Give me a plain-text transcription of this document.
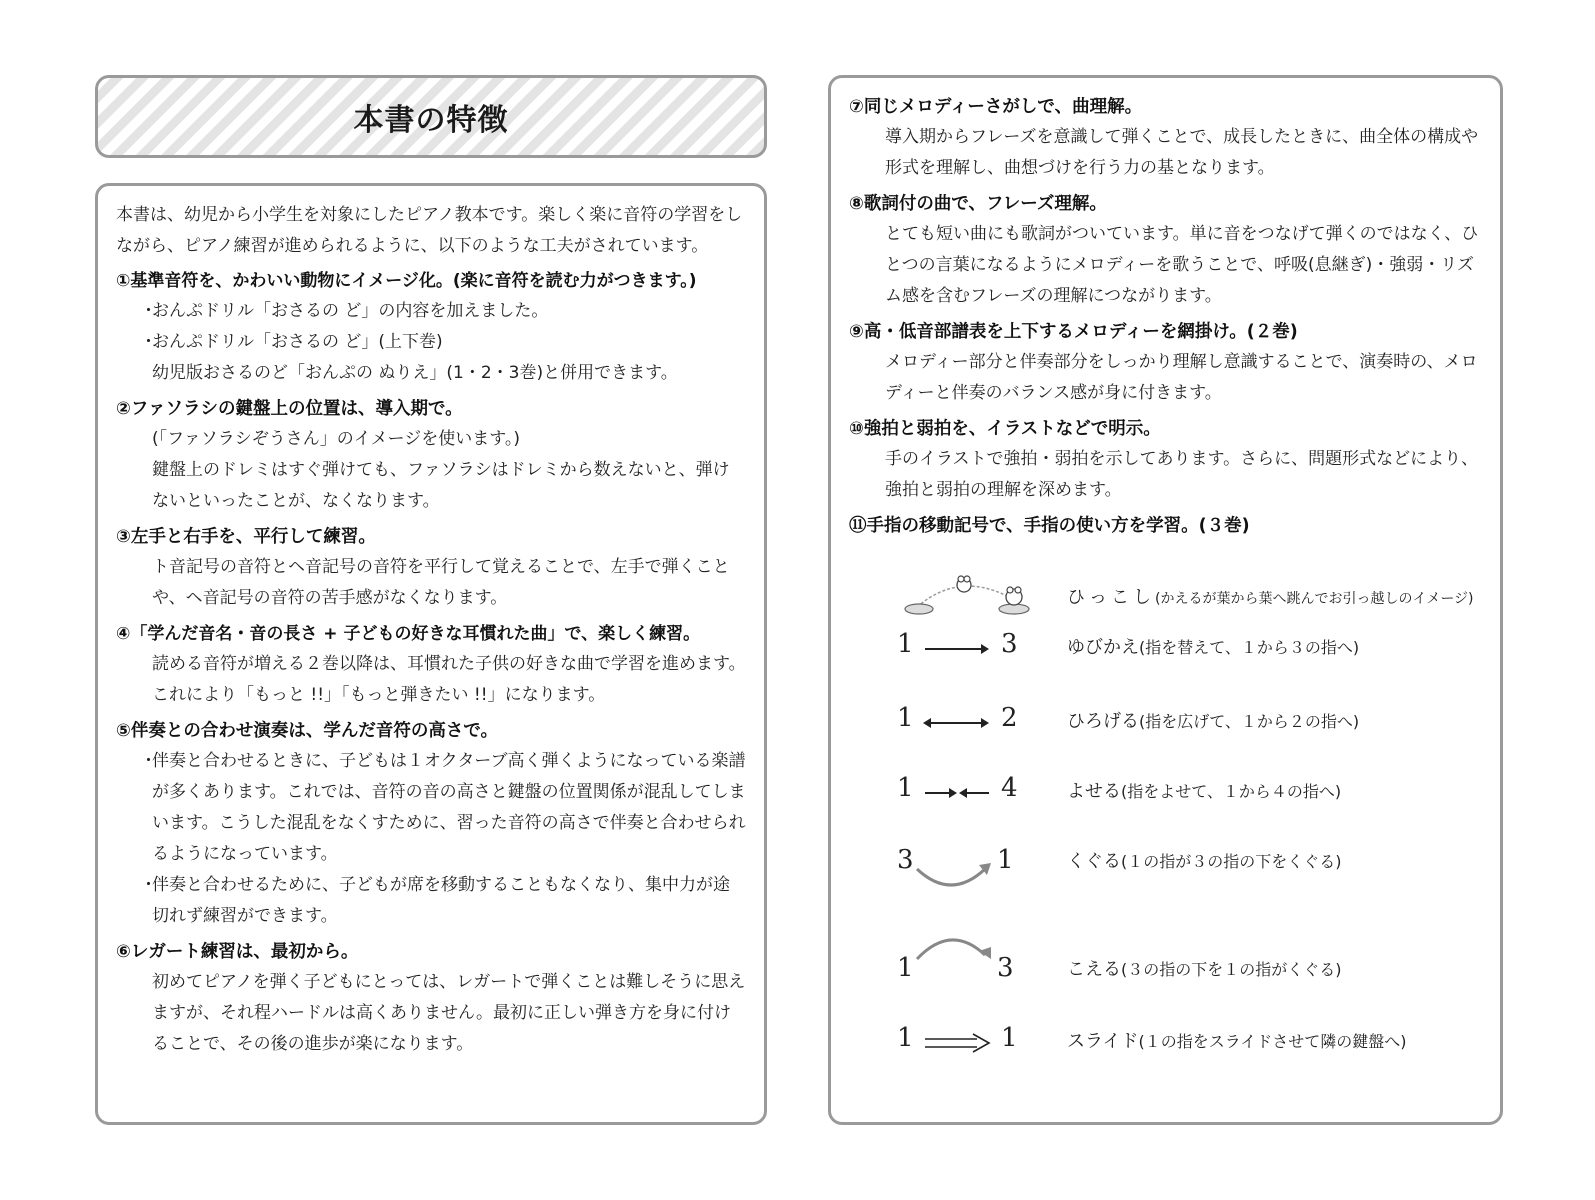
本書の特徴

本書は、幼児から小学生を対象にしたピアノ教本です。楽しく楽に音符の学習をしながら、ピアノ練習が進められるように、以下のような工夫がされています。

①基準音符を、かわいい動物にイメージ化。(楽に音符を読む力がつきます。)
・おんぷドリル「おさるの ど」の内容を加えました。
・おんぷドリル「おさるの ど」(上下巻)
幼児版おさるのど「おんぷの ぬりえ」(1・2・3巻)と併用できます。
②ファソラシの鍵盤上の位置は、導入期で。
(「ファソラシぞうさん」のイメージを使います。)
鍵盤上のドレミはすぐ弾けても、ファソラシはドレミから数えないと、弾けないといったことが、なくなります。
③左手と右手を、平行して練習。
ト音記号の音符とヘ音記号の音符を平行して覚えることで、左手で弾くことや、ヘ音記号の音符の苦手感がなくなります。
④「学んだ音名・音の長さ + 子どもの好きな耳慣れた曲」で、楽しく練習。
読める音符が増える２巻以降は、耳慣れた子供の好きな曲で学習を進めます。これにより「もっと !!」「もっと弾きたい !!」になります。
⑤伴奏との合わせ演奏は、学んだ音符の高さで。
・伴奏と合わせるときに、子どもは１オクターブ高く弾くようになっている楽譜が多くあります。これでは、音符の音の高さと鍵盤の位置関係が混乱してしまいます。こうした混乱をなくすために、習った音符の高さで伴奏と合わせられるようになっています。
・伴奏と合わせるために、子どもが席を移動することもなくなり、集中力が途切れず練習ができます。
⑥レガート練習は、最初から。
初めてピアノを弾く子どもにとっては、レガートで弾くことは難しそうに思えますが、それ程ハードルは高くありません。最初に正しい弾き方を身に付けることで、その後の進歩が楽になります。
⑦同じメロディーさがしで、曲理解。
導入期からフレーズを意識して弾くことで、成長したときに、曲全体の構成や形式を理解し、曲想づけを行う力の基となります。
⑧歌詞付の曲で、フレーズ理解。
とても短い曲にも歌詞がついています。単に音をつなげて弾くのではなく、ひとつの言葉になるようにメロディーを歌うことで、呼吸(息継ぎ)・強弱・リズム感を含むフレーズの理解につながります。
⑨高・低音部譜表を上下するメロディーを網掛け。(２巻)
メロディー部分と伴奏部分をしっかり理解し意識することで、演奏時の、メロディーと伴奏のバランス感が身に付きます。
⑩強拍と弱拍を、イラストなどで明示。
手のイラストで強拍・弱拍を示してあります。さらに、問題形式などにより、強拍と弱拍の理解を深めます。
⑪手指の移動記号で、手指の使い方を学習。(３巻)
ひっこし(かえるが葉から葉へ跳んでお引っ越しのイメージ)
1	3	ゆびかえ(指を替えて、１から３の指へ)
1	2	ひろげる(指を広げて、１から２の指へ)
1	4	よせる(指をよせて、１から４の指へ)
3	1	くぐる(１の指が３の指の下をくぐる)
1	3	こえる(３の指の下を１の指がくぐる)
1	1	スライド(１の指をスライドさせて隣の鍵盤へ)
